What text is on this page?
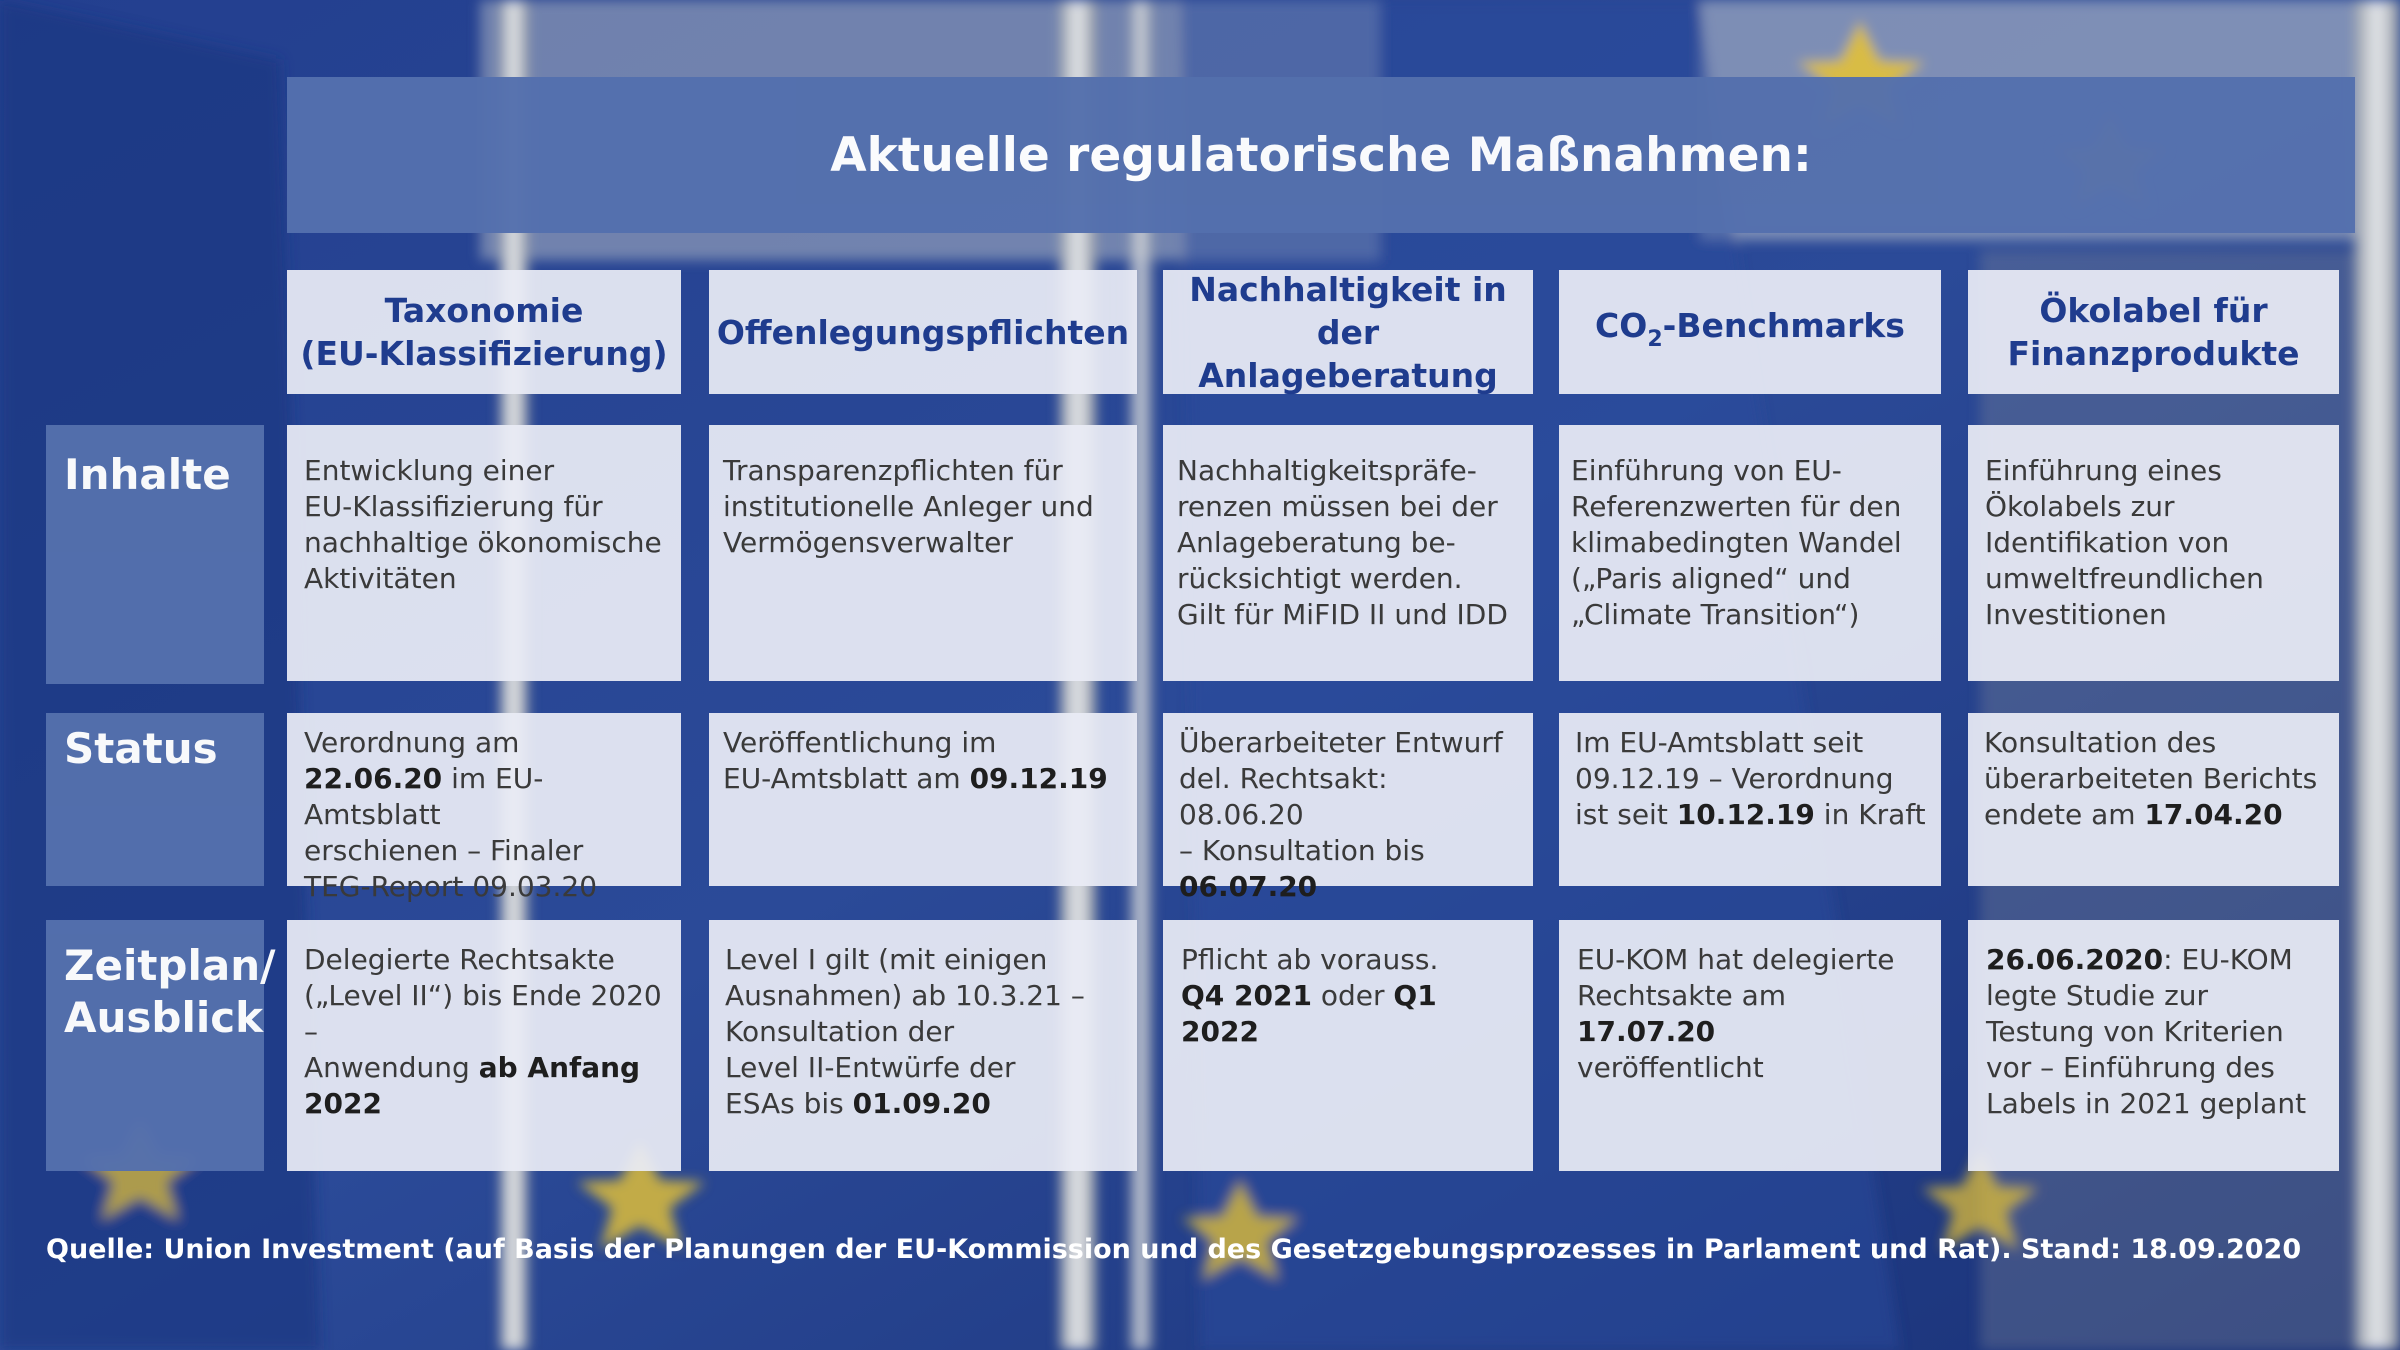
Aktuelle regulatorische Maßnahmen:
Taxonomie
(EU-Klassifizierung)
Offenlegungspflichten
Nachhaltigkeit in
der Anlageberatung
$CO_2$-Benchmarks	Ökolabel für
Finanzprodukte
Inhalte
Status
Zeitplan/
Ausblick
Entwicklung einer
EU-Klassifizierung für
nachhaltige ökonomische
Aktivitäten
Transparenzpflichten für
institutionelle Anleger und
Vermögensverwalter
Nachhaltigkeitspräfe-
renzen müssen bei der
Anlageberatung be-
rücksichtigt werden.
Gilt für MiFID II und IDD
Einführung von EU-
Referenzwerten für den
klimabedingten Wandel
(„Paris aligned“ und
„Climate Transition“)
Einführung eines
Ökolabels zur
Identifikation von
umweltfreundlichen
Investitionen
Verordnung am
22.06.20 im EU-Amtsblatt
erschienen – Finaler
TEG-Report 09.03.20
Veröffentlichung im
EU-Amtsblatt am 09.12.19
Überarbeiteter Entwurf
del. Rechtsakt: 08.06.20
– Konsultation bis
06.07.20
Im EU-Amtsblatt seit
09.12.19 – Verordnung
ist seit 10.12.19 in Kraft
Konsultation des
überarbeiteten Berichts
endete am 17.04.20
Delegierte Rechtsakte
(„Level II“) bis Ende 2020 –
Anwendung ab Anfang
2022
Level I gilt (mit einigen
Ausnahmen) ab 10.3.21 –
Konsultation der
Level II-Entwürfe der
ESAs bis 01.09.20
Pflicht ab vorauss.
Q4 2021 oder Q1 2022
EU-KOM hat delegierte
Rechtsakte am 17.07.20
veröffentlicht
26.06.2020: EU-KOM
legte Studie zur
Testung von Kriterien
vor – Einführung des
Labels in 2021 geplant
Quelle: Union Investment (auf Basis der Planungen der EU-Kommission und des Gesetzgebungsprozesses in Parlament und Rat). Stand: 18.09.2020
